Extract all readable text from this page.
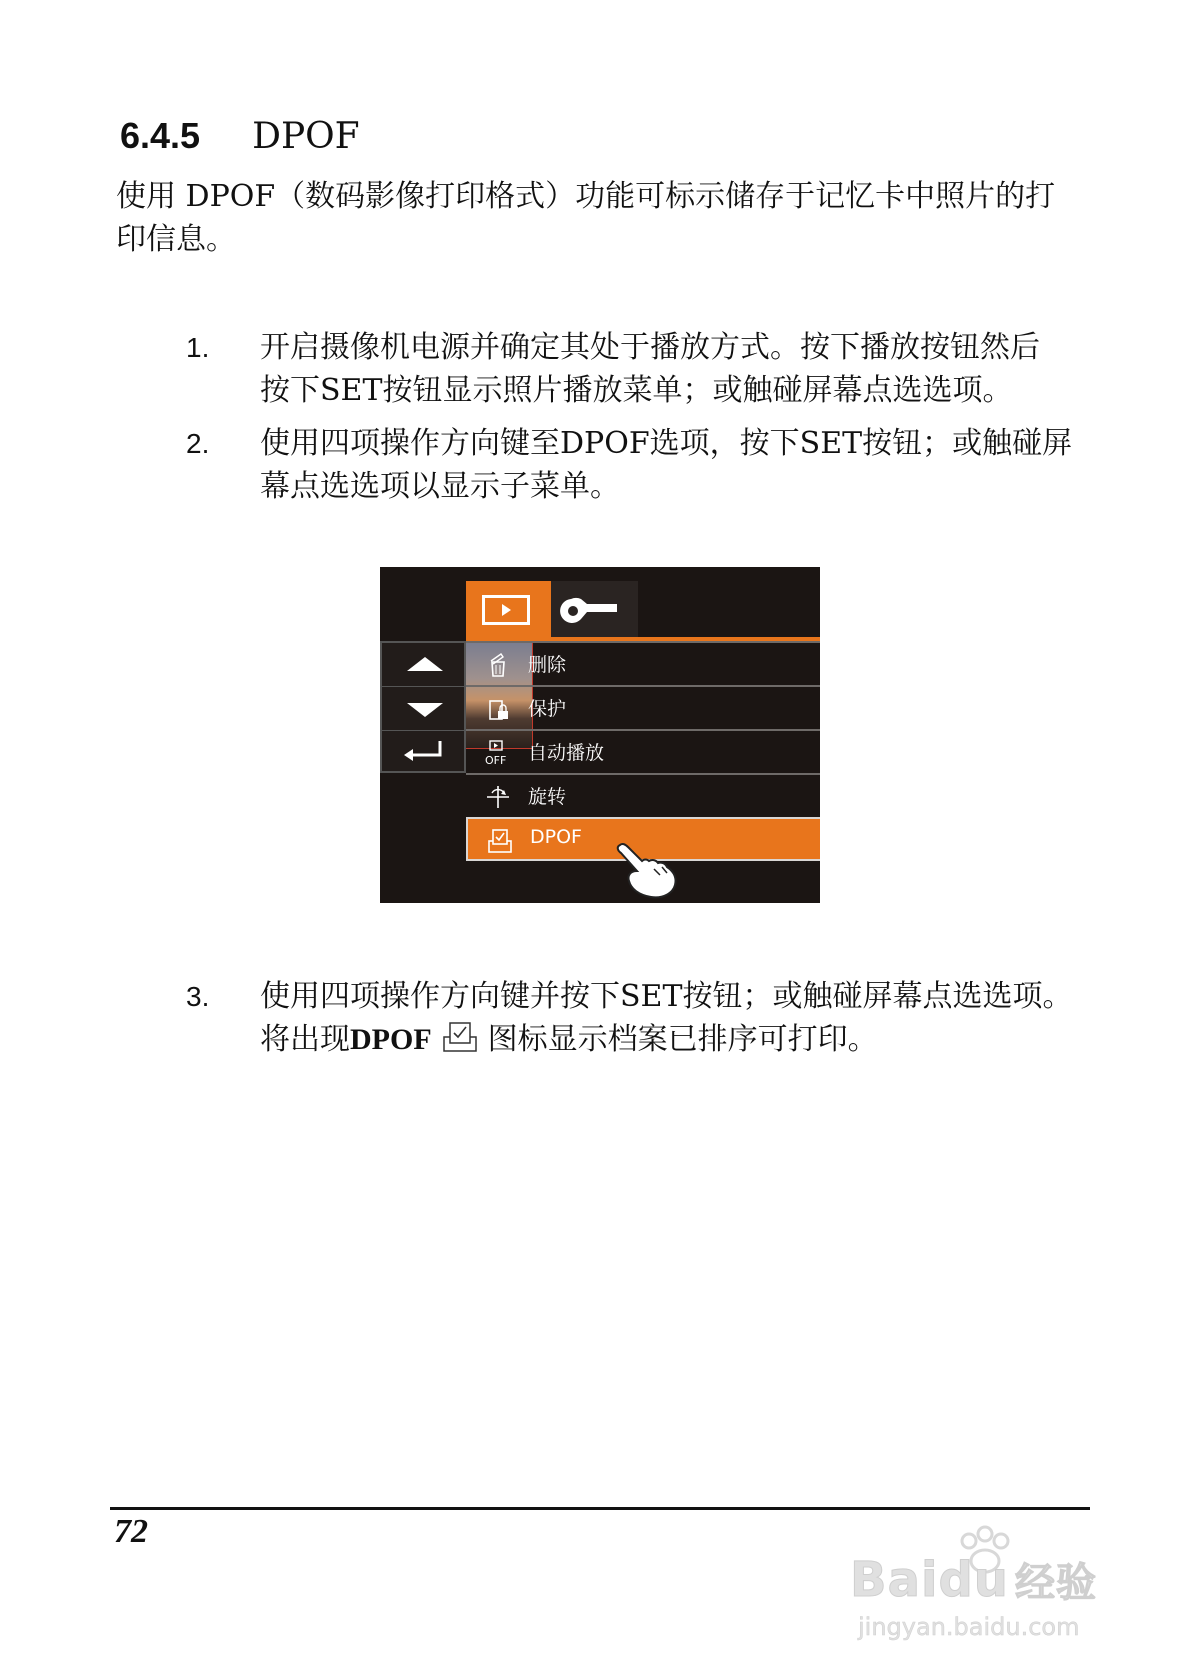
6.4.5 DPOF
使用 DPOF（数码影像打印格式）功能可标示储存于记忆卡中照片的打
印信息。
1. 开启摄像机电源并确定其处于播放方式。按下播放按钮然后
按下SET按钮显示照片播放菜单；或触碰屏幕点选选项。
2. 使用四项操作方向键至DPOF选项，按下SET按钮；或触碰屏
幕点选选项以显示子菜单。
删除
保护
OFF 自动播放
旋转
DPOF
3. 使用四项操作方向键并按下SET按钮；或触碰屏幕点选选项。
将出现DPOF 图标显示档案已排序可打印。
72
Baidu 经验
jingyan.baidu.com
